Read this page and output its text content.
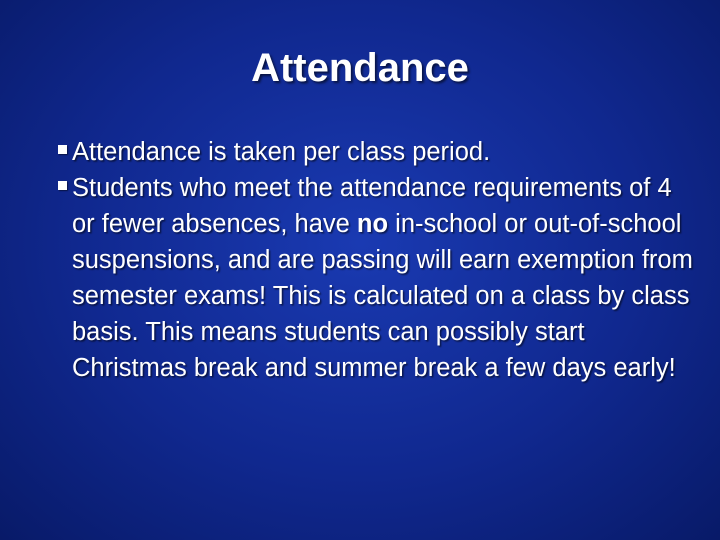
Attendance
Attendance is taken per class period.
Students who meet the attendance requirements of 4 or fewer absences, have no in-school or out-of-school suspensions, and are passing will earn exemption from semester exams! This is calculated on a class by class basis. This means students can possibly start Christmas break and summer break a few days early!
